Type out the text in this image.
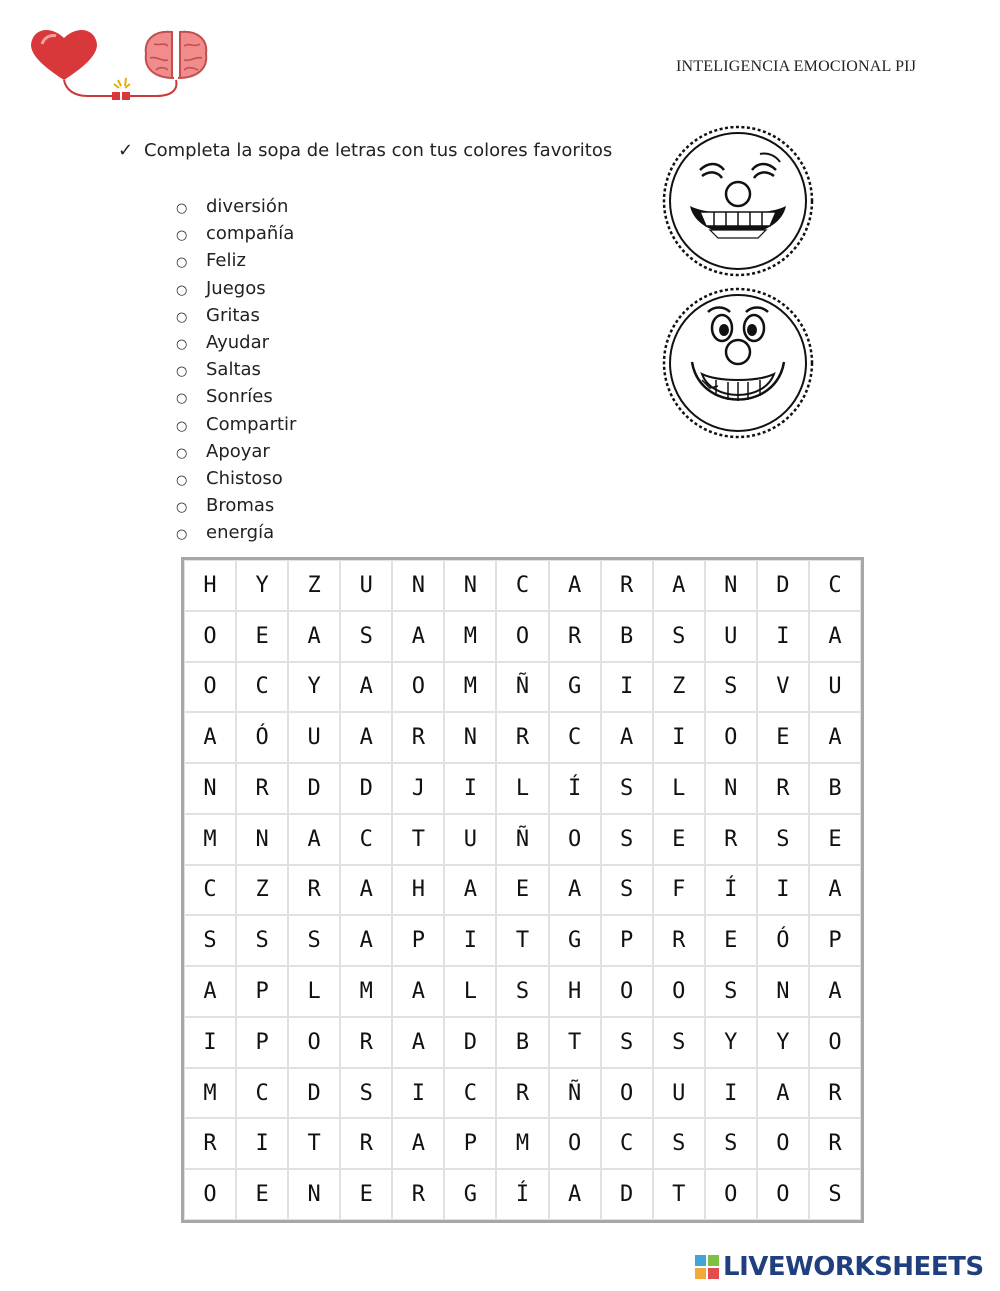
INTELIGENCIA EMOCIONAL PIJ
✓ Completa la sopa de letras con tus colores favoritos
○ diversión
○ compañía
○ Feliz
○ Juegos
○ Gritas
○ Ayudar
○ Saltas
○ Sonríes
○ Compartir
○ Apoyar
○ Chistoso
○ Bromas
○ energía
H	Y	Z	U	N	N	C	A	R	A	N	D	C
O	E	A	S	A	M	O	R	B	S	U	I	A
O	C	Y	A	O	M	Ñ	G	I	Z	S	V	U
A	Ó	U	A	R	N	R	C	A	I	O	E	A
N	R	D	D	J	I	L	Í	S	L	N	R	B
M	N	A	C	T	U	Ñ	O	S	E	R	S	E
C	Z	R	A	H	A	E	A	S	F	Í	I	A
S	S	S	A	P	I	T	G	P	R	E	Ó	P
A	P	L	M	A	L	S	H	O	O	S	N	A
I	P	O	R	A	D	B	T	S	S	Y	Y	O
M	C	D	S	I	C	R	Ñ	O	U	I	A	R
R	I	T	R	A	P	M	O	C	S	S	O	R
O	E	N	E	R	G	Í	A	D	T	O	O	S
LIVEWORKSHEETS
